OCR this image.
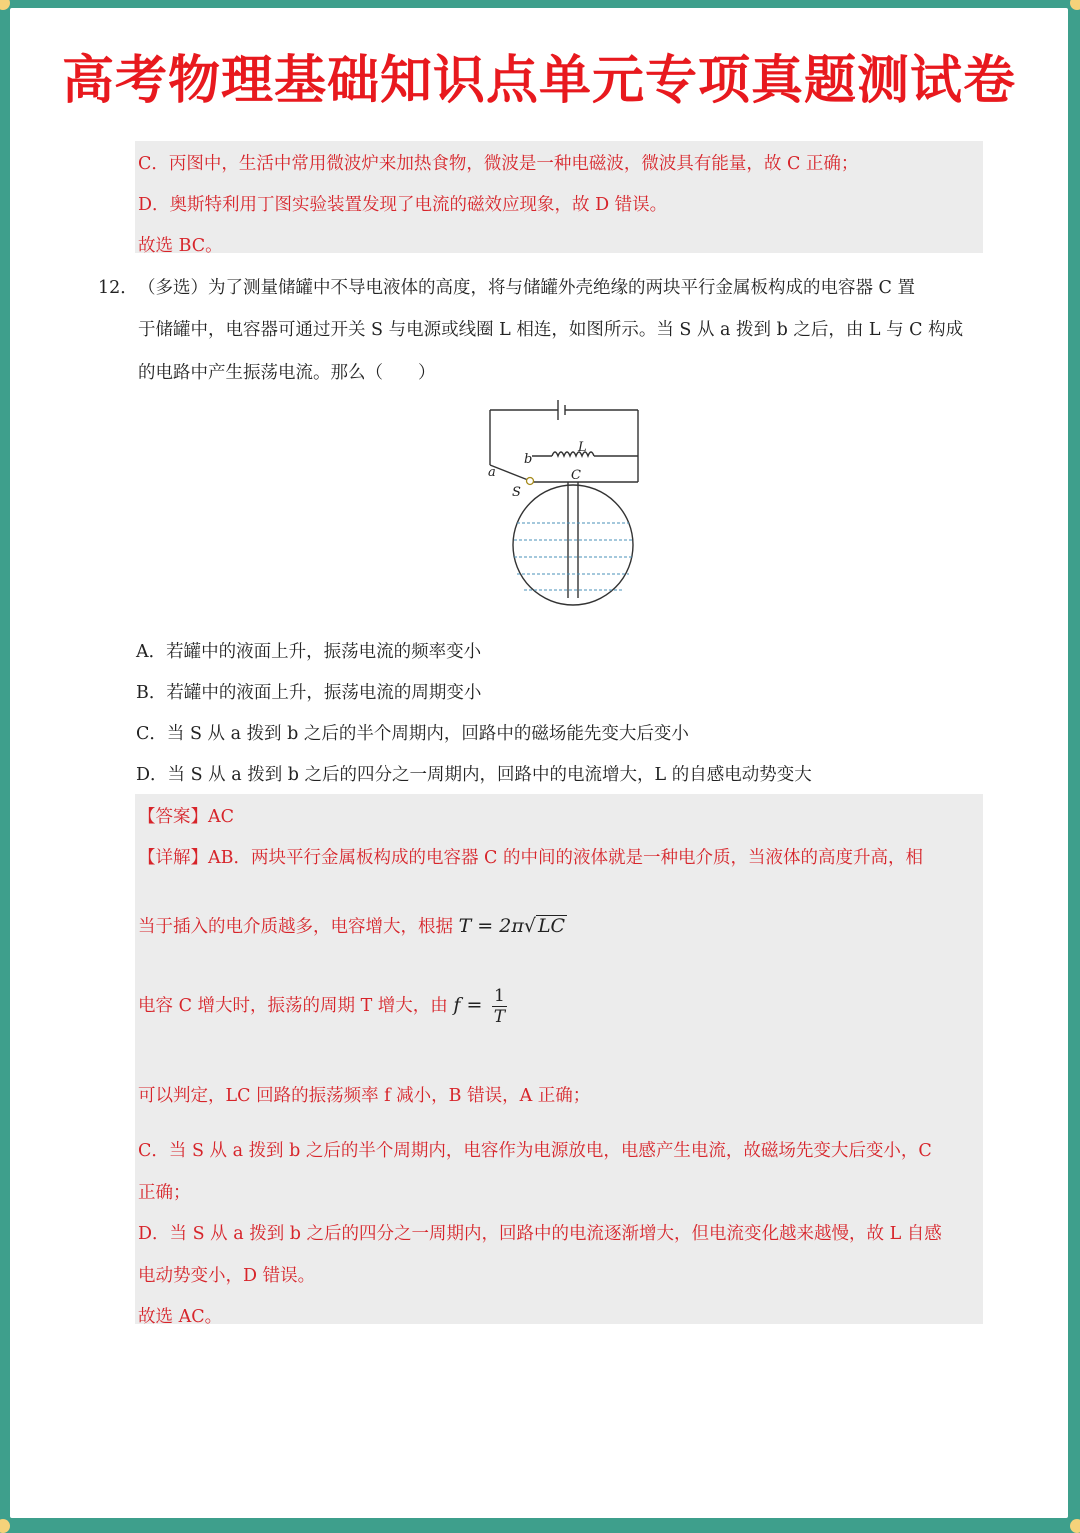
高考物理基础知识点单元专项真题测试卷
C．丙图中，生活中常用微波炉来加热食物，微波是一种电磁波，微波具有能量，故 C 正确；
D．奥斯特利用丁图实验装置发现了电流的磁效应现象，故 D 错误。
故选 BC。
12． （多选）为了测量储罐中不导电液体的高度，将与储罐外壳绝缘的两块平行金属板构成的电容器 C 置
于储罐中，电容器可通过开关 S 与电源或线圈 L 相连，如图所示。当 S 从 a 拨到 b 之后，由 L 与 C 构成
的电路中产生振荡电流。那么（　　）
L
b
a	C
S
A．若罐中的液面上升，振荡电流的频率变小
B．若罐中的液面上升，振荡电流的周期变小
C．当 S 从 a 拨到 b 之后的半个周期内，回路中的磁场能先变大后变小
D．当 S 从 a 拨到 b 之后的四分之一周期内，回路中的电流增大，L 的自感电动势变大
【答案】AC
【详解】AB．两块平行金属板构成的电容器 C 的中间的液体就是一种电介质，当液体的高度升高，相
当于插入的电介质越多，电容增大，根据 T = 2π√ LC
电容 C 增大时，振荡的周期 T 增大，由 $f = \frac{1}{T}$
可以判定，LC 回路的振荡频率 f 减小，B 错误，A 正确；
C．当 S 从 a 拨到 b 之后的半个周期内，电容作为电源放电，电感产生电流，故磁场先变大后变小，C
正确；
D．当 S 从 a 拨到 b 之后的四分之一周期内，回路中的电流逐渐增大，但电流变化越来越慢，故 L 自感
电动势变小，D 错误。
故选 AC。
